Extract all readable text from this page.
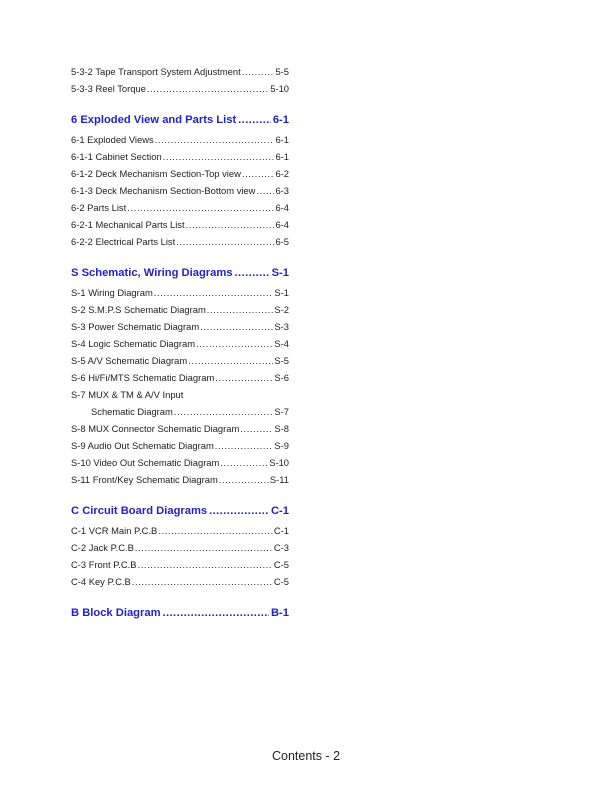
5-3-2 Tape Transport System Adjustment .....	5-5
5-3-3 Reel Torque .....	5-10
6 Exploded View and Parts List .....	6-1
6-1 Exploded Views .....	6-1
6-1-1 Cabinet Section .....	6-1
6-1-2 Deck Mechanism Section-Top view .....	6-2
6-1-3 Deck Mechanism Section-Bottom view ..... 6-3
6-2 Parts List .....	6-4
6-2-1 Mechanical Parts List .....	6-4
6-2-2 Electrical Parts List .....	6-5
S Schematic, Wiring Diagrams .....	S-1
S-1 Wiring Diagram .....	S-1
S-2 S.M.P.S Schematic Diagram .....	S-2
S-3 Power Schematic Diagram .....	S-3
S-4 Logic Schematic Diagram .....	S-4
S-5 A/V Schematic Diagram .....	S-5
S-6 Hi/Fi/MTS Schematic Diagram .....	S-6
S-7 MUX & TM & A/V Input
Schematic Diagram .....	S-7
S-8 MUX Connector Schematic Diagram .....	S-8
S-9 Audio Out Schematic Diagram .....	S-9
S-10 Video Out Schematic Diagram .....	S-10
S-11 Front/Key Schematic Diagram .....	S-11
C Circuit Board Diagrams .....	C-1
C-1 VCR Main P.C.B .....	C-1
C-2 Jack P.C.B .....	C-3
C-3 Front P.C.B .....	C-5
C-4 Key P.C.B .....	C-5
B Block Diagram .....	B-1
Contents - 2
